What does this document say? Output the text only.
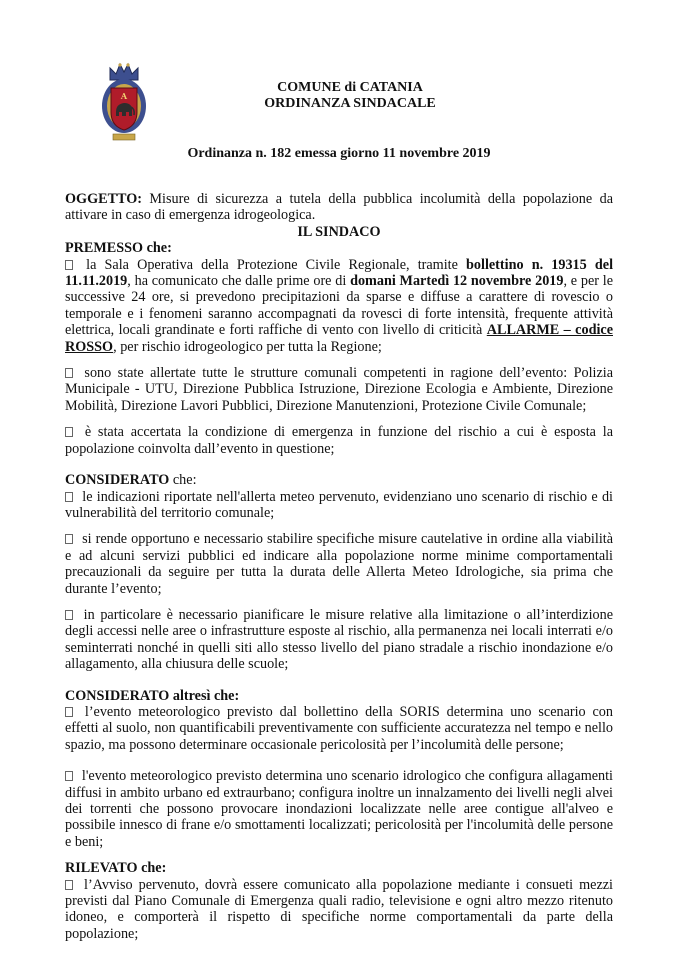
A
COMUNE di CATANIA
ORDINANZA SINDACALE
Ordinanza n. 182 emessa giorno 11 novembre 2019

OGGETTO: Misure di sicurezza a tutela della pubblica incolumità della popolazione da attivare in caso di emergenza idrogeologica.

IL SINDACO

PREMESSO che:

la Sala Operativa della Protezione Civile Regionale, tramite bollettino n. 19315 del 11.11.2019, ha comunicato che dalle prime ore di domani Martedì 12 novembre 2019, e per le successive 24 ore, si prevedono precipitazioni da sparse e diffuse a carattere di rovescio o temporale e i fenomeni saranno accompagnati da rovesci di forte intensità, frequente attività elettrica, locali grandinate e forti raffiche di vento con livello di criticità ALLARME – codice ROSSO, per rischio idrogeologico per tutta la Regione;

sono state allertate tutte le strutture comunali competenti in ragione dell’evento: Polizia Municipale - UTU, Direzione Pubblica Istruzione, Direzione Ecologia e Ambiente, Direzione Mobilità, Direzione Lavori Pubblici, Direzione Manutenzioni, Protezione Civile Comunale;

è stata accertata la condizione di emergenza in funzione del rischio a cui è esposta la popolazione coinvolta dall’evento in questione;

CONSIDERATO che:

le indicazioni riportate nell'allerta meteo pervenuto, evidenziano uno scenario di rischio e di vulnerabilità del territorio comunale;

si rende opportuno e necessario stabilire specifiche misure cautelative in ordine alla viabilità e ad alcuni servizi pubblici ed indicare alla popolazione norme minime comportamentali precauzionali da seguire per tutta la durata delle Allerta Meteo Idrologiche, sia prima che durante l’evento;

in particolare è necessario pianificare le misure relative alla limitazione o all’interdizione degli accessi nelle aree o infrastrutture esposte al rischio, alla permanenza nei locali interrati e/o seminterrati nonché in quelli siti allo stesso livello del piano stradale a rischio inondazione e/o allagamento, alla chiusura delle scuole;

CONSIDERATO altresì che:

l’evento meteorologico previsto dal bollettino della SORIS determina uno scenario con effetti al suolo, non quantificabili preventivamente con sufficiente accuratezza nel tempo e nello spazio, ma possono determinare occasionale pericolosità per l’incolumità delle persone;

l'evento meteorologico previsto determina uno scenario idrologico che configura allagamenti diffusi in ambito urbano ed extraurbano; configura inoltre un innalzamento dei livelli negli alvei dei torrenti che possono provocare inondazioni localizzate nelle aree contigue all'alveo e possibile innesco di frane e/o smottamenti localizzati; pericolosità per l'incolumità delle persone e beni;

RILEVATO che:

l’Avviso pervenuto, dovrà essere comunicato alla popolazione mediante i consueti mezzi previsti dal Piano Comunale di Emergenza quali radio, televisione e ogni altro mezzo ritenuto idoneo, e comporterà il rispetto di specifiche norme comportamentali da parte della popolazione;
